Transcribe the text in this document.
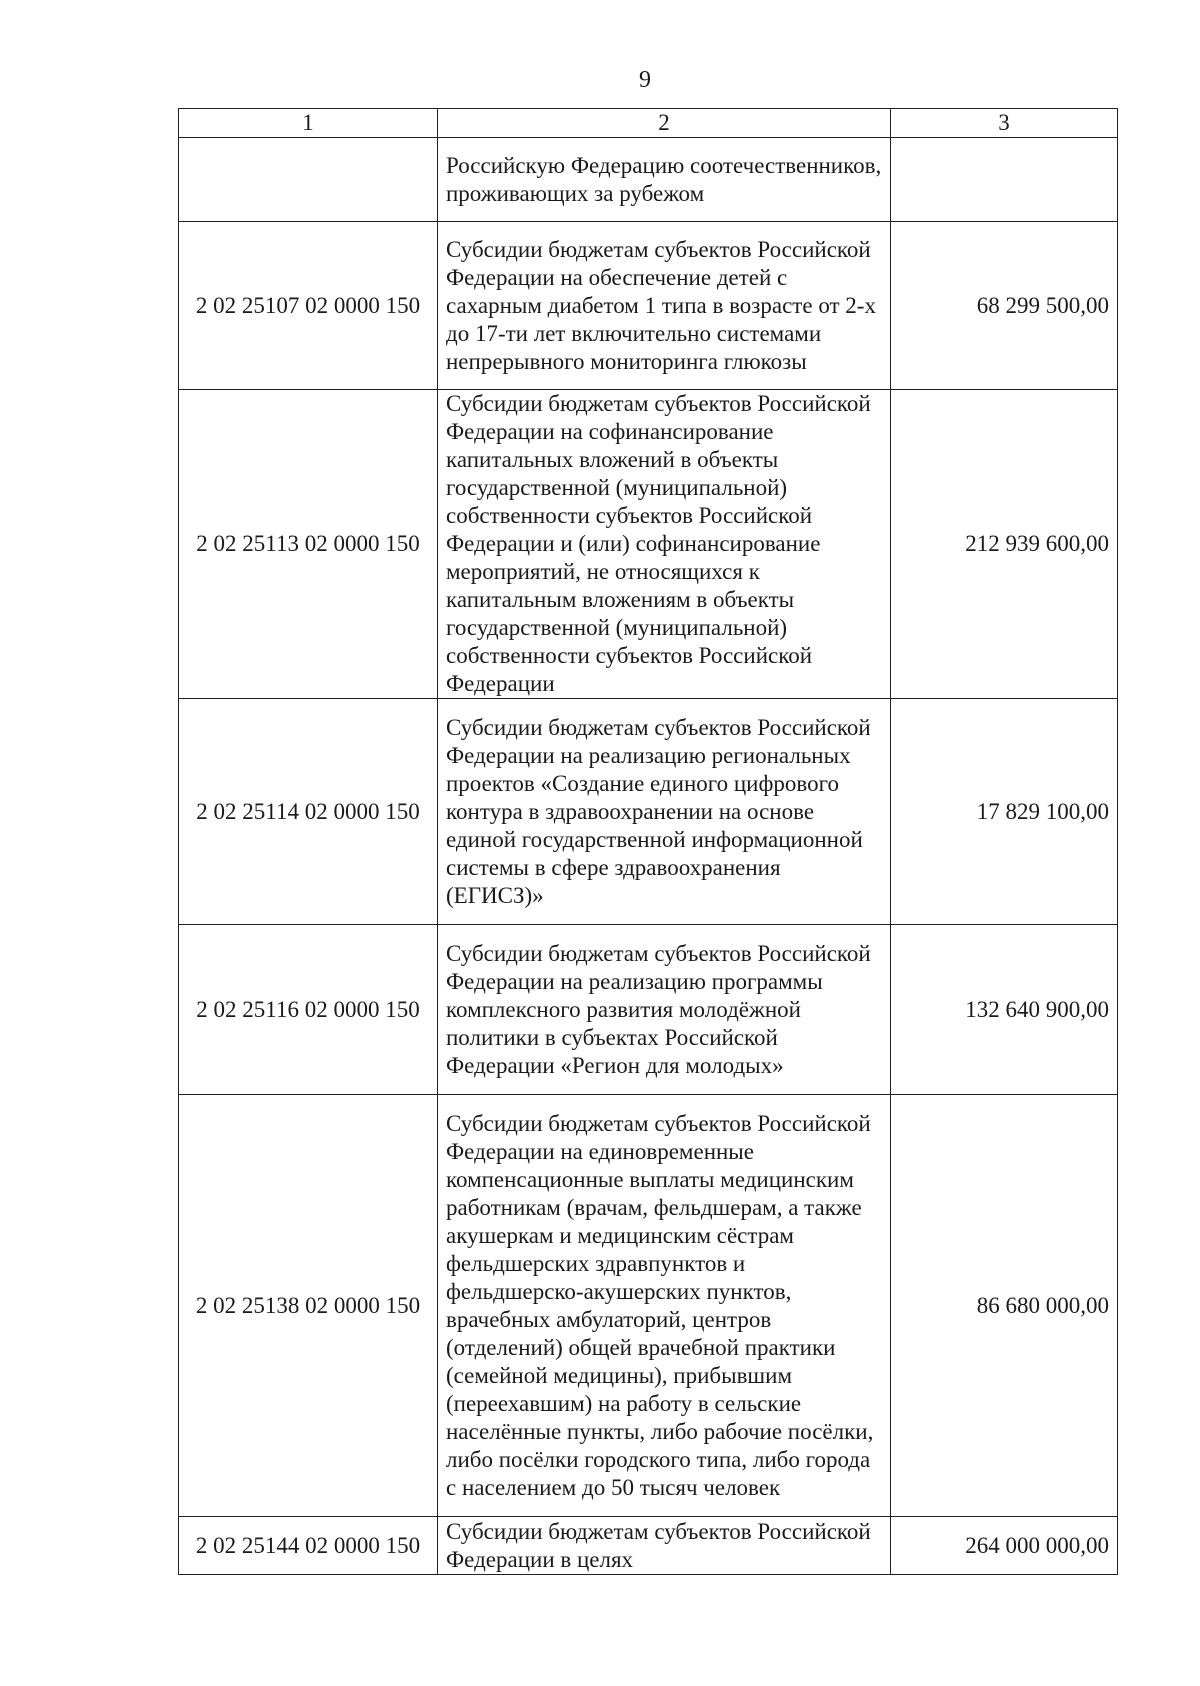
9
1	2	3
	Российскую Федерацию соотечественников, проживающих за рубежом	
2 02 25107 02 0000 150	Субсидии бюджетам субъектов Российской Федерации на обеспечение детей с сахарным диабетом 1 типа в возрасте от 2-х до 17-ти лет включительно системами непрерывного мониторинга глюкозы	68 299 500,00
2 02 25113 02 0000 150	Субсидии бюджетам субъектов Российской Федерации на софинансирование капитальных вложений в объекты государственной (муниципальной) собственности субъектов Российской Федерации и (или) софинансирование мероприятий, не относящихся к капитальным вложениям в объекты государственной (муниципальной) собственности субъектов Российской Федерации	212 939 600,00
2 02 25114 02 0000 150	Субсидии бюджетам субъектов Российской Федерации на реализацию региональных проектов «Создание единого цифрового контура в здравоохранении на основе единой государственной информационной системы в сфере здравоохранения (ЕГИСЗ)»	17 829 100,00
2 02 25116 02 0000 150	Субсидии бюджетам субъектов Российской Федерации на реализацию программы комплексного развития молодёжной политики в субъектах Российской Федерации «Регион для молодых»	132 640 900,00
2 02 25138 02 0000 150	Субсидии бюджетам субъектов Российской Федерации на единовременные компенсационные выплаты медицинским работникам (врачам, фельдшерам, а также акушеркам и медицинским сёстрам фельдшерских здравпунктов и фельдшерско-акушерских пунктов, врачебных амбулаторий, центров (отделений) общей врачебной практики (семейной медицины), прибывшим (переехавшим) на работу в сельские населённые пункты, либо рабочие посёлки, либо посёлки городского типа, либо города с населением до 50 тысяч человек	86 680 000,00
2 02 25144 02 0000 150	Субсидии бюджетам субъектов Российской Федерации в целях	264 000 000,00
